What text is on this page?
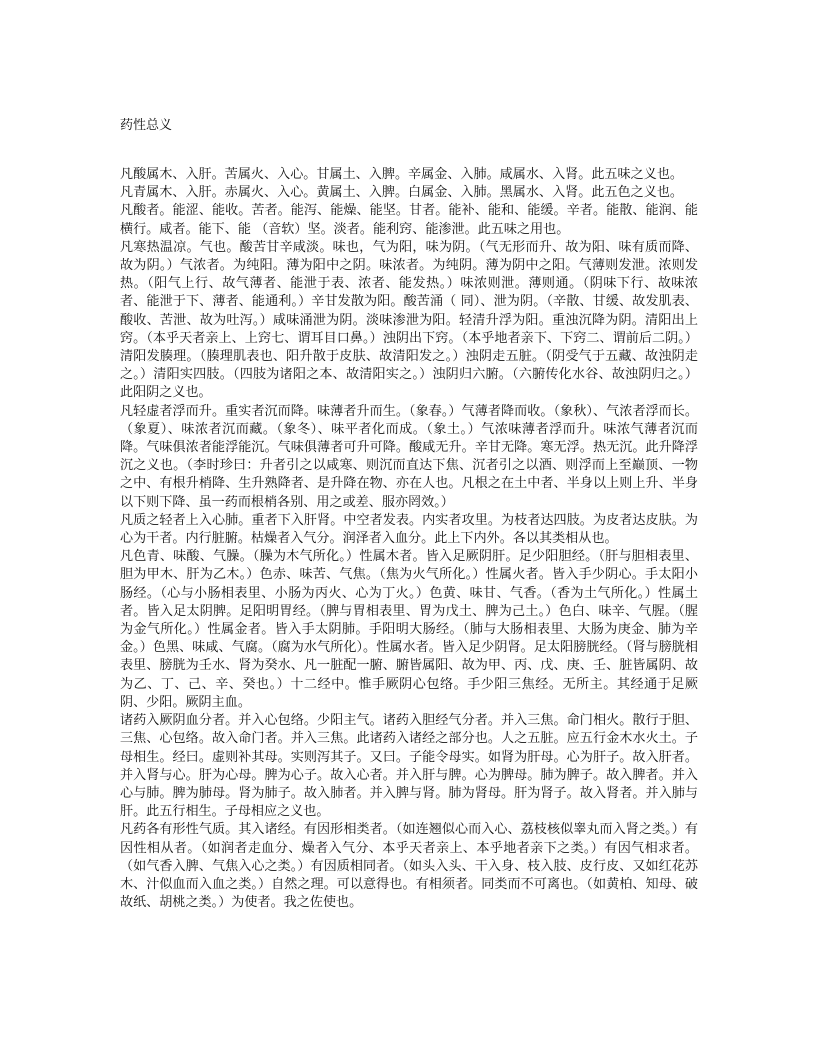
药性总义

凡酸属木、入肝。苦属火、入心。甘属土、入脾。辛属金、入肺。咸属水、入肾。此五味之义也。

凡青属木、入肝。赤属火、入心。黄属土、入脾。白属金、入肺。黑属水、入肾。此五色之义也。

凡酸者。能涩、能收。苦者。能泻、能燥、能坚。甘者。能补、能和、能缓。辛者。能散、能润、能横行。咸者。能下、能 （音软）坚。淡者。能利窍、能渗泄。此五味之用也。

凡寒热温凉。气也。酸苦甘辛咸淡。味也，气为阳，味为阴。（气无形而升、故为阳、味有质而降、故为阴。）气浓者。为纯阳。薄为阳中之阴。味浓者。为纯阴。薄为阴中之阳。气薄则发泄。浓则发热。（阳气上行、故气薄者、能泄于表、浓者、能发热。）味浓则泄。薄则通。（阴味下行、故味浓者、能泄于下、薄者、能通利。）辛甘发散为阳。酸苦涌（ 同）、泄为阴。（辛散、甘缓、故发肌表、酸收、苦泄、故为吐泻。）咸味涌泄为阴。淡味渗泄为阳。轻清升浮为阳。重浊沉降为阴。清阳出上窍。（本乎天者亲上、上窍七、谓耳目口鼻。）浊阴出下窍。（本乎地者亲下、下窍二、谓前后二阴。）清阳发腠理。（腠理肌表也、阳升散于皮肤、故清阳发之。）浊阴走五脏。（阴受气于五藏、故浊阴走之。）清阳实四肢。（四肢为诸阳之本、故清阳实之。）浊阴归六腑。（六腑传化水谷、故浊阴归之。）此阳阴之义也。

凡轻虚者浮而升。重实者沉而降。味薄者升而生。（象春。）气薄者降而收。（象秋）、气浓者浮而长。（象夏）、味浓者沉而藏。（象冬）、味平者化而成。（象土。）气浓味薄者浮而升。味浓气薄者沉而降。气味俱浓者能浮能沉。气味俱薄者可升可降。酸咸无升。辛甘无降。寒无浮。热无沉。此升降浮沉之义也。（李时珍曰：升者引之以咸寒、则沉而直达下焦、沉者引之以酒、则浮而上至巅顶、一物之中、有根升梢降、生升熟降者、是升降在物、亦在人也。凡根之在土中者、半身以上则上升、半身以下则下降、虽一药而根梢各别、用之或差、服亦罔效。）

凡质之轻者上入心肺。重者下入肝肾。中空者发表。内实者攻里。为枝者达四肢。为皮者达皮肤。为心为干者。内行脏腑。枯燥者入气分。润泽者入血分。此上下内外。各以其类相从也。

凡色青、味酸、气臊。（臊为木气所化。）性属木者。皆入足厥阴肝。足少阳胆经。（肝与胆相表里、胆为甲木、肝为乙木。）色赤、味苦、气焦。（焦为火气所化。）性属火者。皆入手少阴心。手太阳小肠经。（心与小肠相表里、小肠为丙火、心为丁火。）色黄、味甘、气香。（香为土气所化。）性属土者。皆入足太阴脾。足阳明胃经。（脾与胃相表里、胃为戊土、脾为己土。）色白、味辛、气腥。（腥为金气所化。）性属金者。皆入手太阴肺。手阳明大肠经。（肺与大肠相表里、大肠为庚金、肺为辛金。）色黑、味咸、气腐。（腐为水气所化）。性属水者。皆入足少阴肾。足太阳膀胱经。（肾与膀胱相表里、膀胱为壬水、肾为癸水、凡一脏配一腑、腑皆属阳、故为甲、丙、戊、庚、壬、脏皆属阴、故为乙、丁、己、辛、癸也。）十二经中。惟手厥阴心包络。手少阳三焦经。无所主。其经通于足厥阴、少阳。厥阴主血。

诸药入厥阴血分者。并入心包络。少阳主气。诸药入胆经气分者。并入三焦。命门相火。散行于胆、三焦、心包络。故入命门者。并入三焦。此诸药入诸经之部分也。人之五脏。应五行金木水火土。子母相生。经曰。虚则补其母。实则泻其子。又曰。子能令母实。如肾为肝母。心为肝子。故入肝者。并入肾与心。肝为心母。脾为心子。故入心者。并入肝与脾。心为脾母。肺为脾子。故入脾者。并入心与肺。脾为肺母。肾为肺子。故入肺者。并入脾与肾。肺为肾母。肝为肾子。故入肾者。并入肺与肝。此五行相生。子母相应之义也。

凡药各有形性气质。其入诸经。有因形相类者。（如连翘似心而入心、荔枝核似睾丸而入肾之类。）有因性相从者。（如润者走血分、燥者入气分、本乎天者亲上、本乎地者亲下之类。）有因气相求者。（如气香入脾、气焦入心之类。）有因质相同者。（如头入头、干入身、枝入肢、皮行皮、又如红花苏木、汁似血而入血之类。）自然之理。可以意得也。有相须者。同类而不可离也。（如黄柏、知母、破故纸、胡桃之类。）为使者。我之佐使也。
